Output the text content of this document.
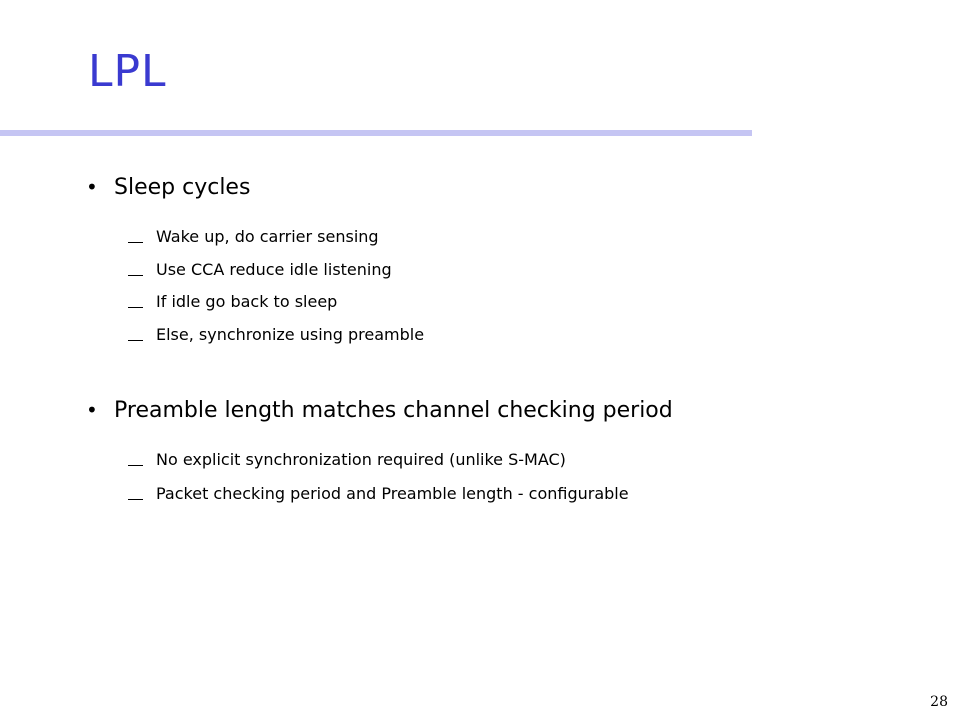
LPL
• Sleep cycles
Wake up, do carrier sensing
Use CCA reduce idle listening
If idle go back to sleep
Else, synchronize using preamble
• Preamble length matches channel checking period
No explicit synchronization required (unlike S-MAC)
Packet checking period and Preamble length - configurable
28
